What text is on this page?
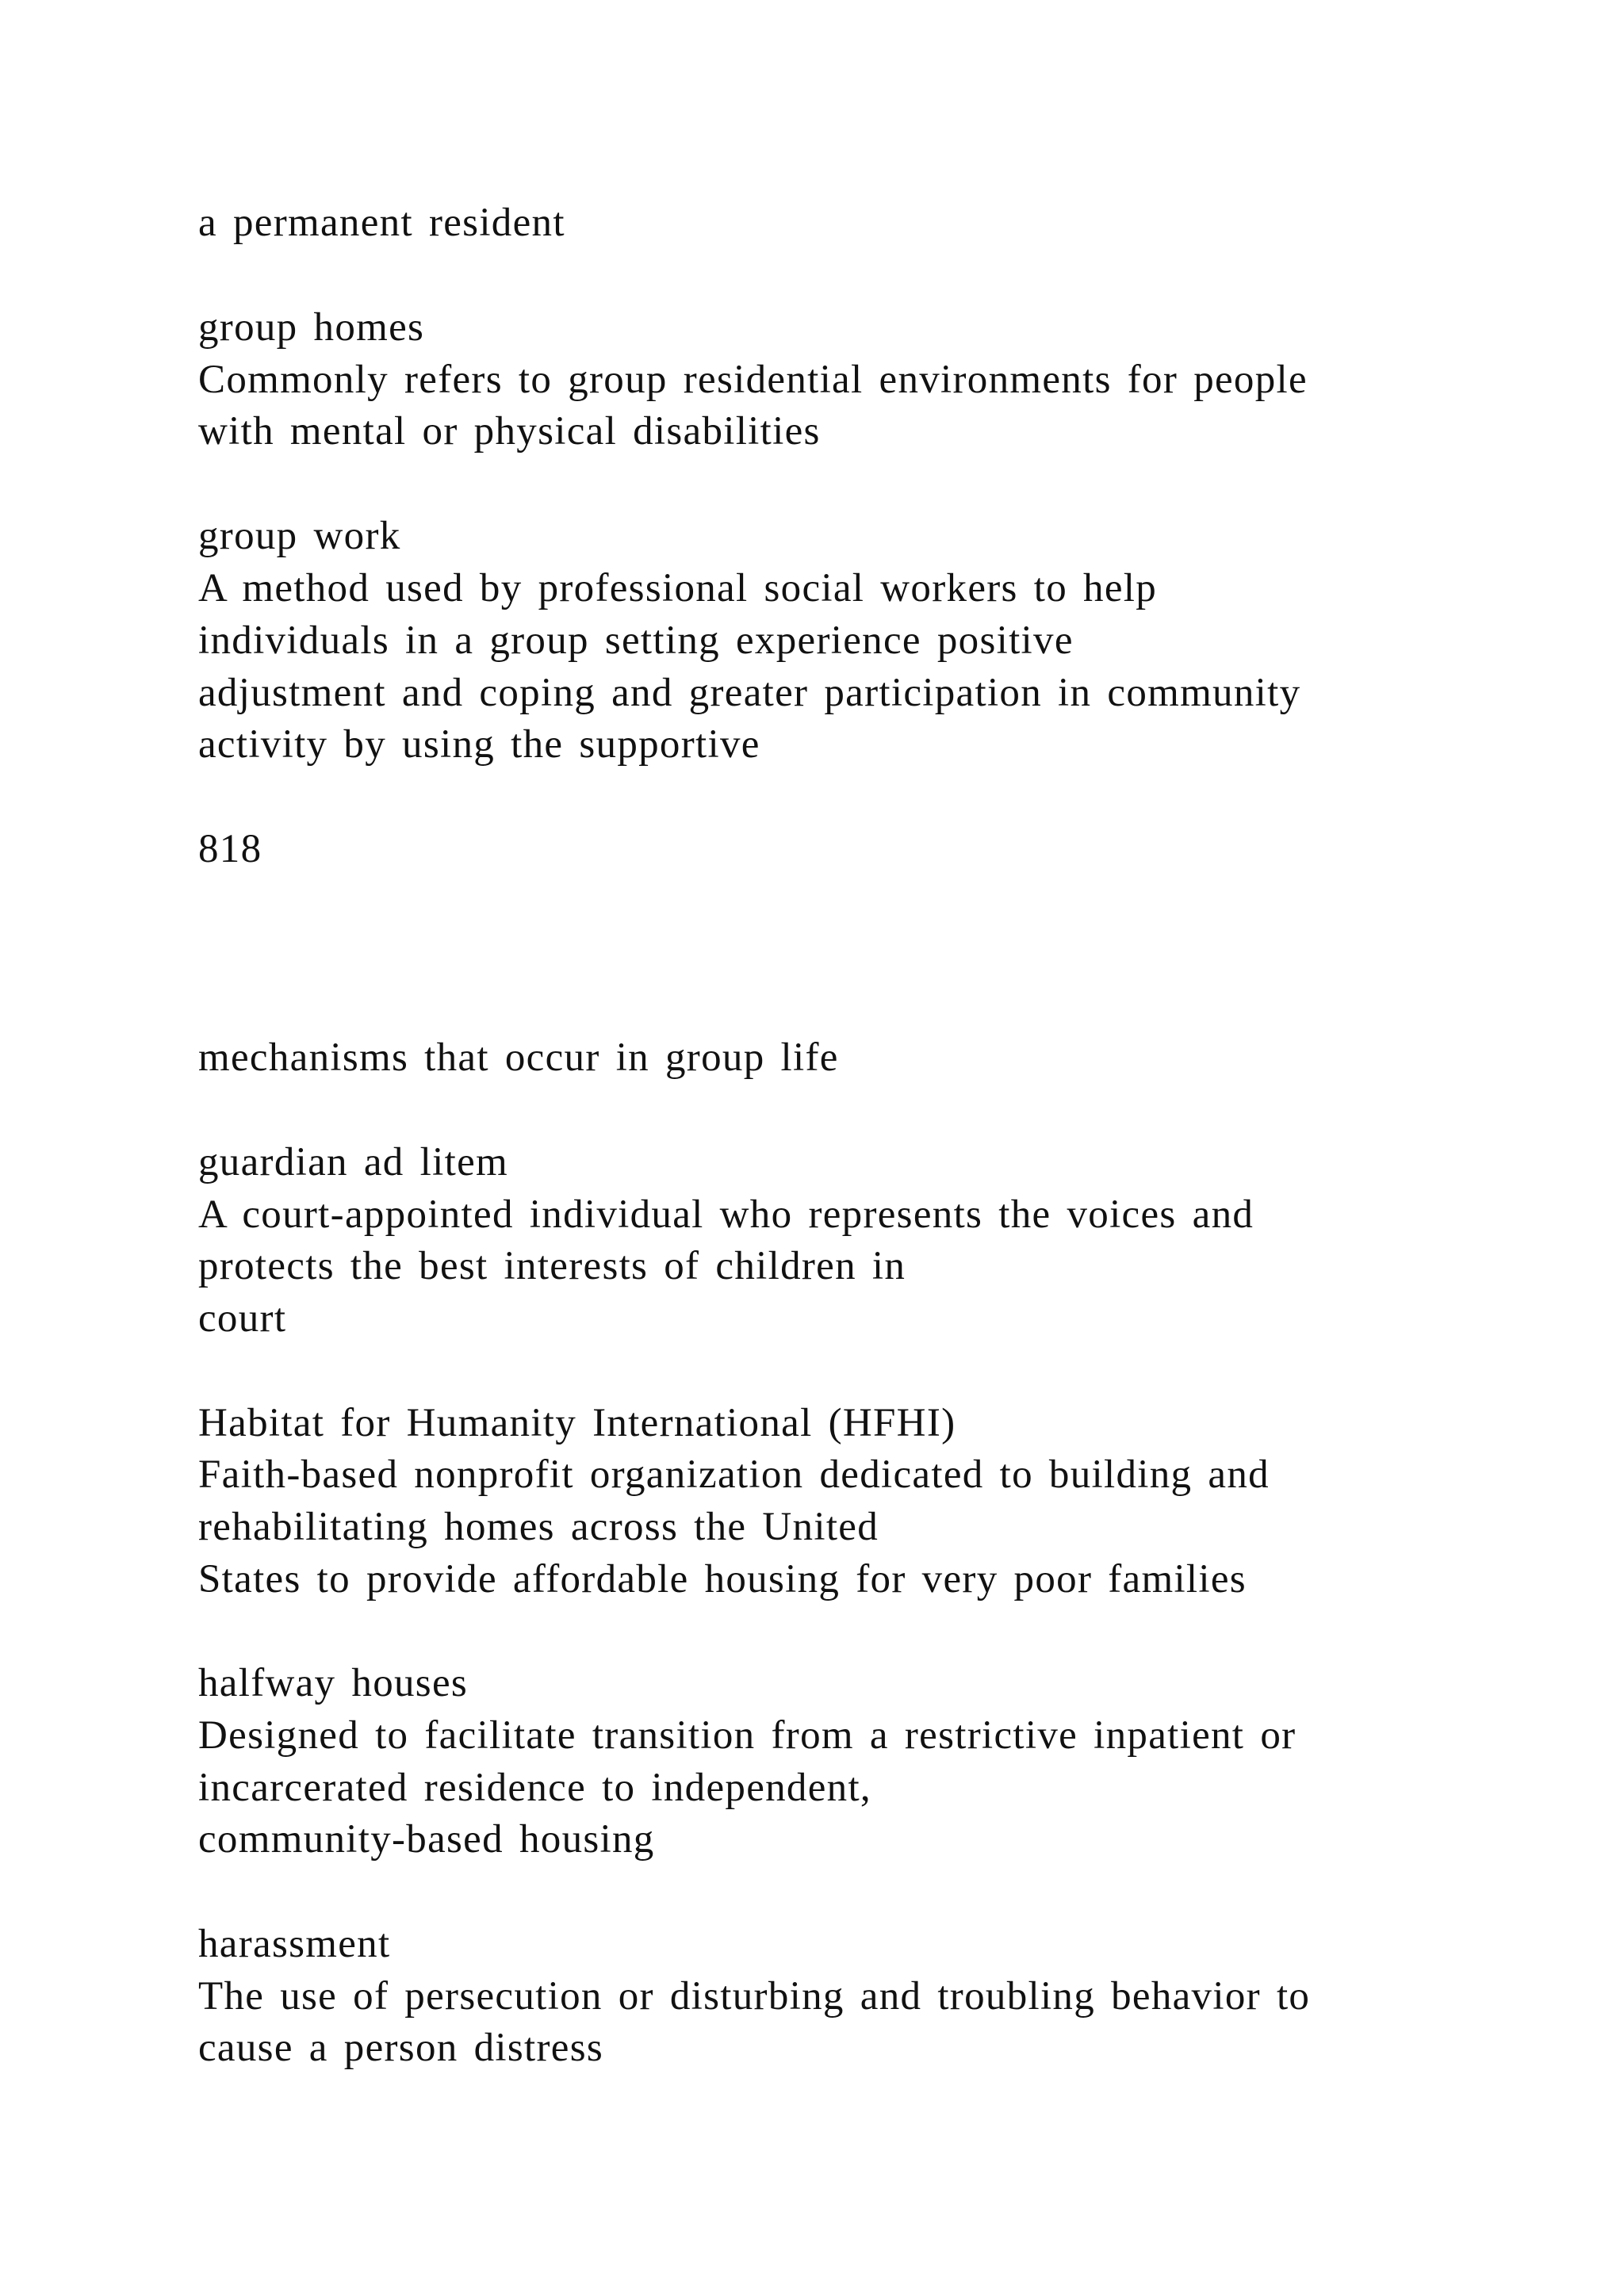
a permanent resident

group homes

Commonly refers to group residential environments for people

with mental or physical disabilities

group work

A method used by professional social workers to help

individuals in a group setting experience positive

adjustment and coping and greater participation in community

activity by using the supportive

818

mechanisms that occur in group life

guardian ad litem

A court-appointed individual who represents the voices and

protects the best interests of children in

court

Habitat for Humanity International (HFHI)

Faith-based nonprofit organization dedicated to building and

rehabilitating homes across the United

States to provide affordable housing for very poor families

halfway houses

Designed to facilitate transition from a restrictive inpatient or

incarcerated residence to independent,

community-based housing

harassment

The use of persecution or disturbing and troubling behavior to

cause a person distress
